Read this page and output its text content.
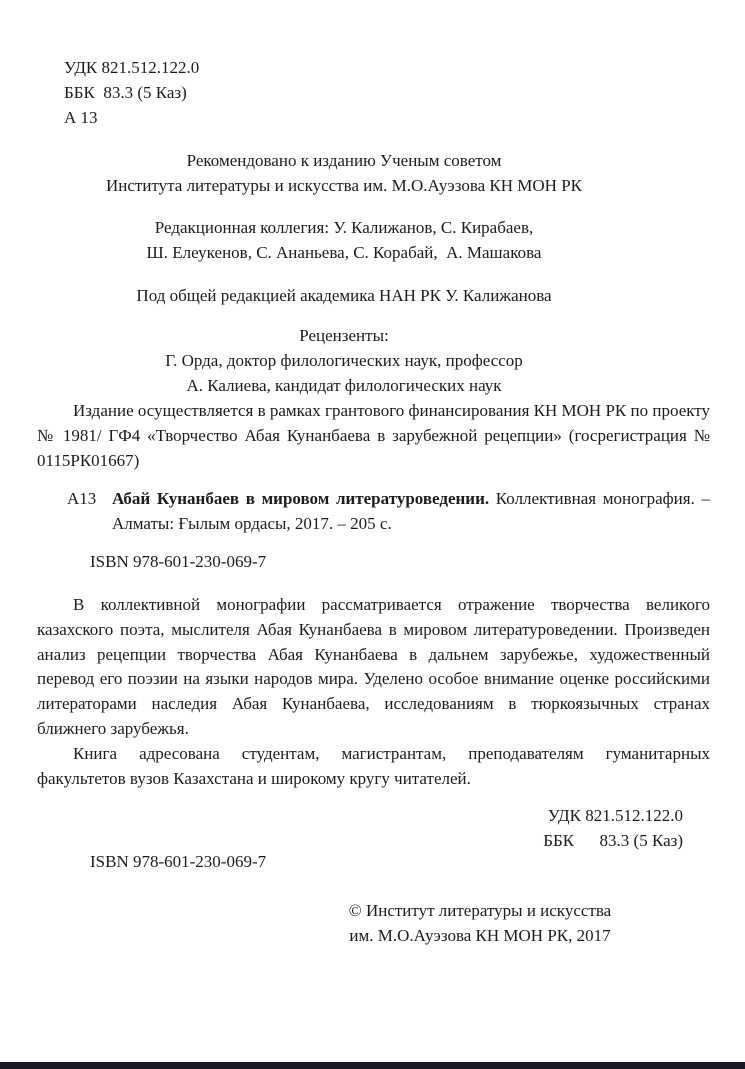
УДК 821.512.122.0
ББК  83.3 (5 Каз)
А 13
Рекомендовано к изданию Ученым советом
Института литературы и искусства им. М.О.Ауэзова КН МОН РК
Редакционная коллегия: У. Калижанов, С. Кирабаев,
Ш. Елеукенов, С. Ананьева, С. Корабай,  А. Машакова
Под общей редакцией академика НАН РК У. Калижанова
Рецензенты:
Г. Орда, доктор филологических наук, профессор
А. Калиева, кандидат филологических наук
Издание осуществляется в рамках грантового финансирования КН МОН РК по проекту № 1981/ ГФ4 «Творчество Абая Кунанбаева в зарубежной рецепции» (госрегистрация № 0115РК01667)
А13 Абай Кунанбаев в мировом литературоведении. Коллективная монография. – Алматы: Ғылым ордасы, 2017. – 205 с.
ISBN 978-601-230-069-7

В коллективной монографии рассматривается отражение творчества великого казахского поэта, мыслителя Абая Кунанбаева в мировом литературоведении. Произведен анализ рецепции творчества Абая Кунанбаева в дальнем зарубежье, художественный перевод его поэзии на языки народов мира. Уделено особое внимание оценке российскими литераторами наследия Абая Кунанбаева, исследованиям в тюркоязычных странах ближнего зарубежья.

Книга адресована студентам, магистрантам, преподавателям гуманитарных факультетов вузов Казахстана и широкому кругу читателей.

УДК 821.512.122.0
ББК      83.3 (5 Каз)
ISBN 978-601-230-069-7
© Институт литературы и искусства
им. М.О.Ауэзова КН МОН РК, 2017
